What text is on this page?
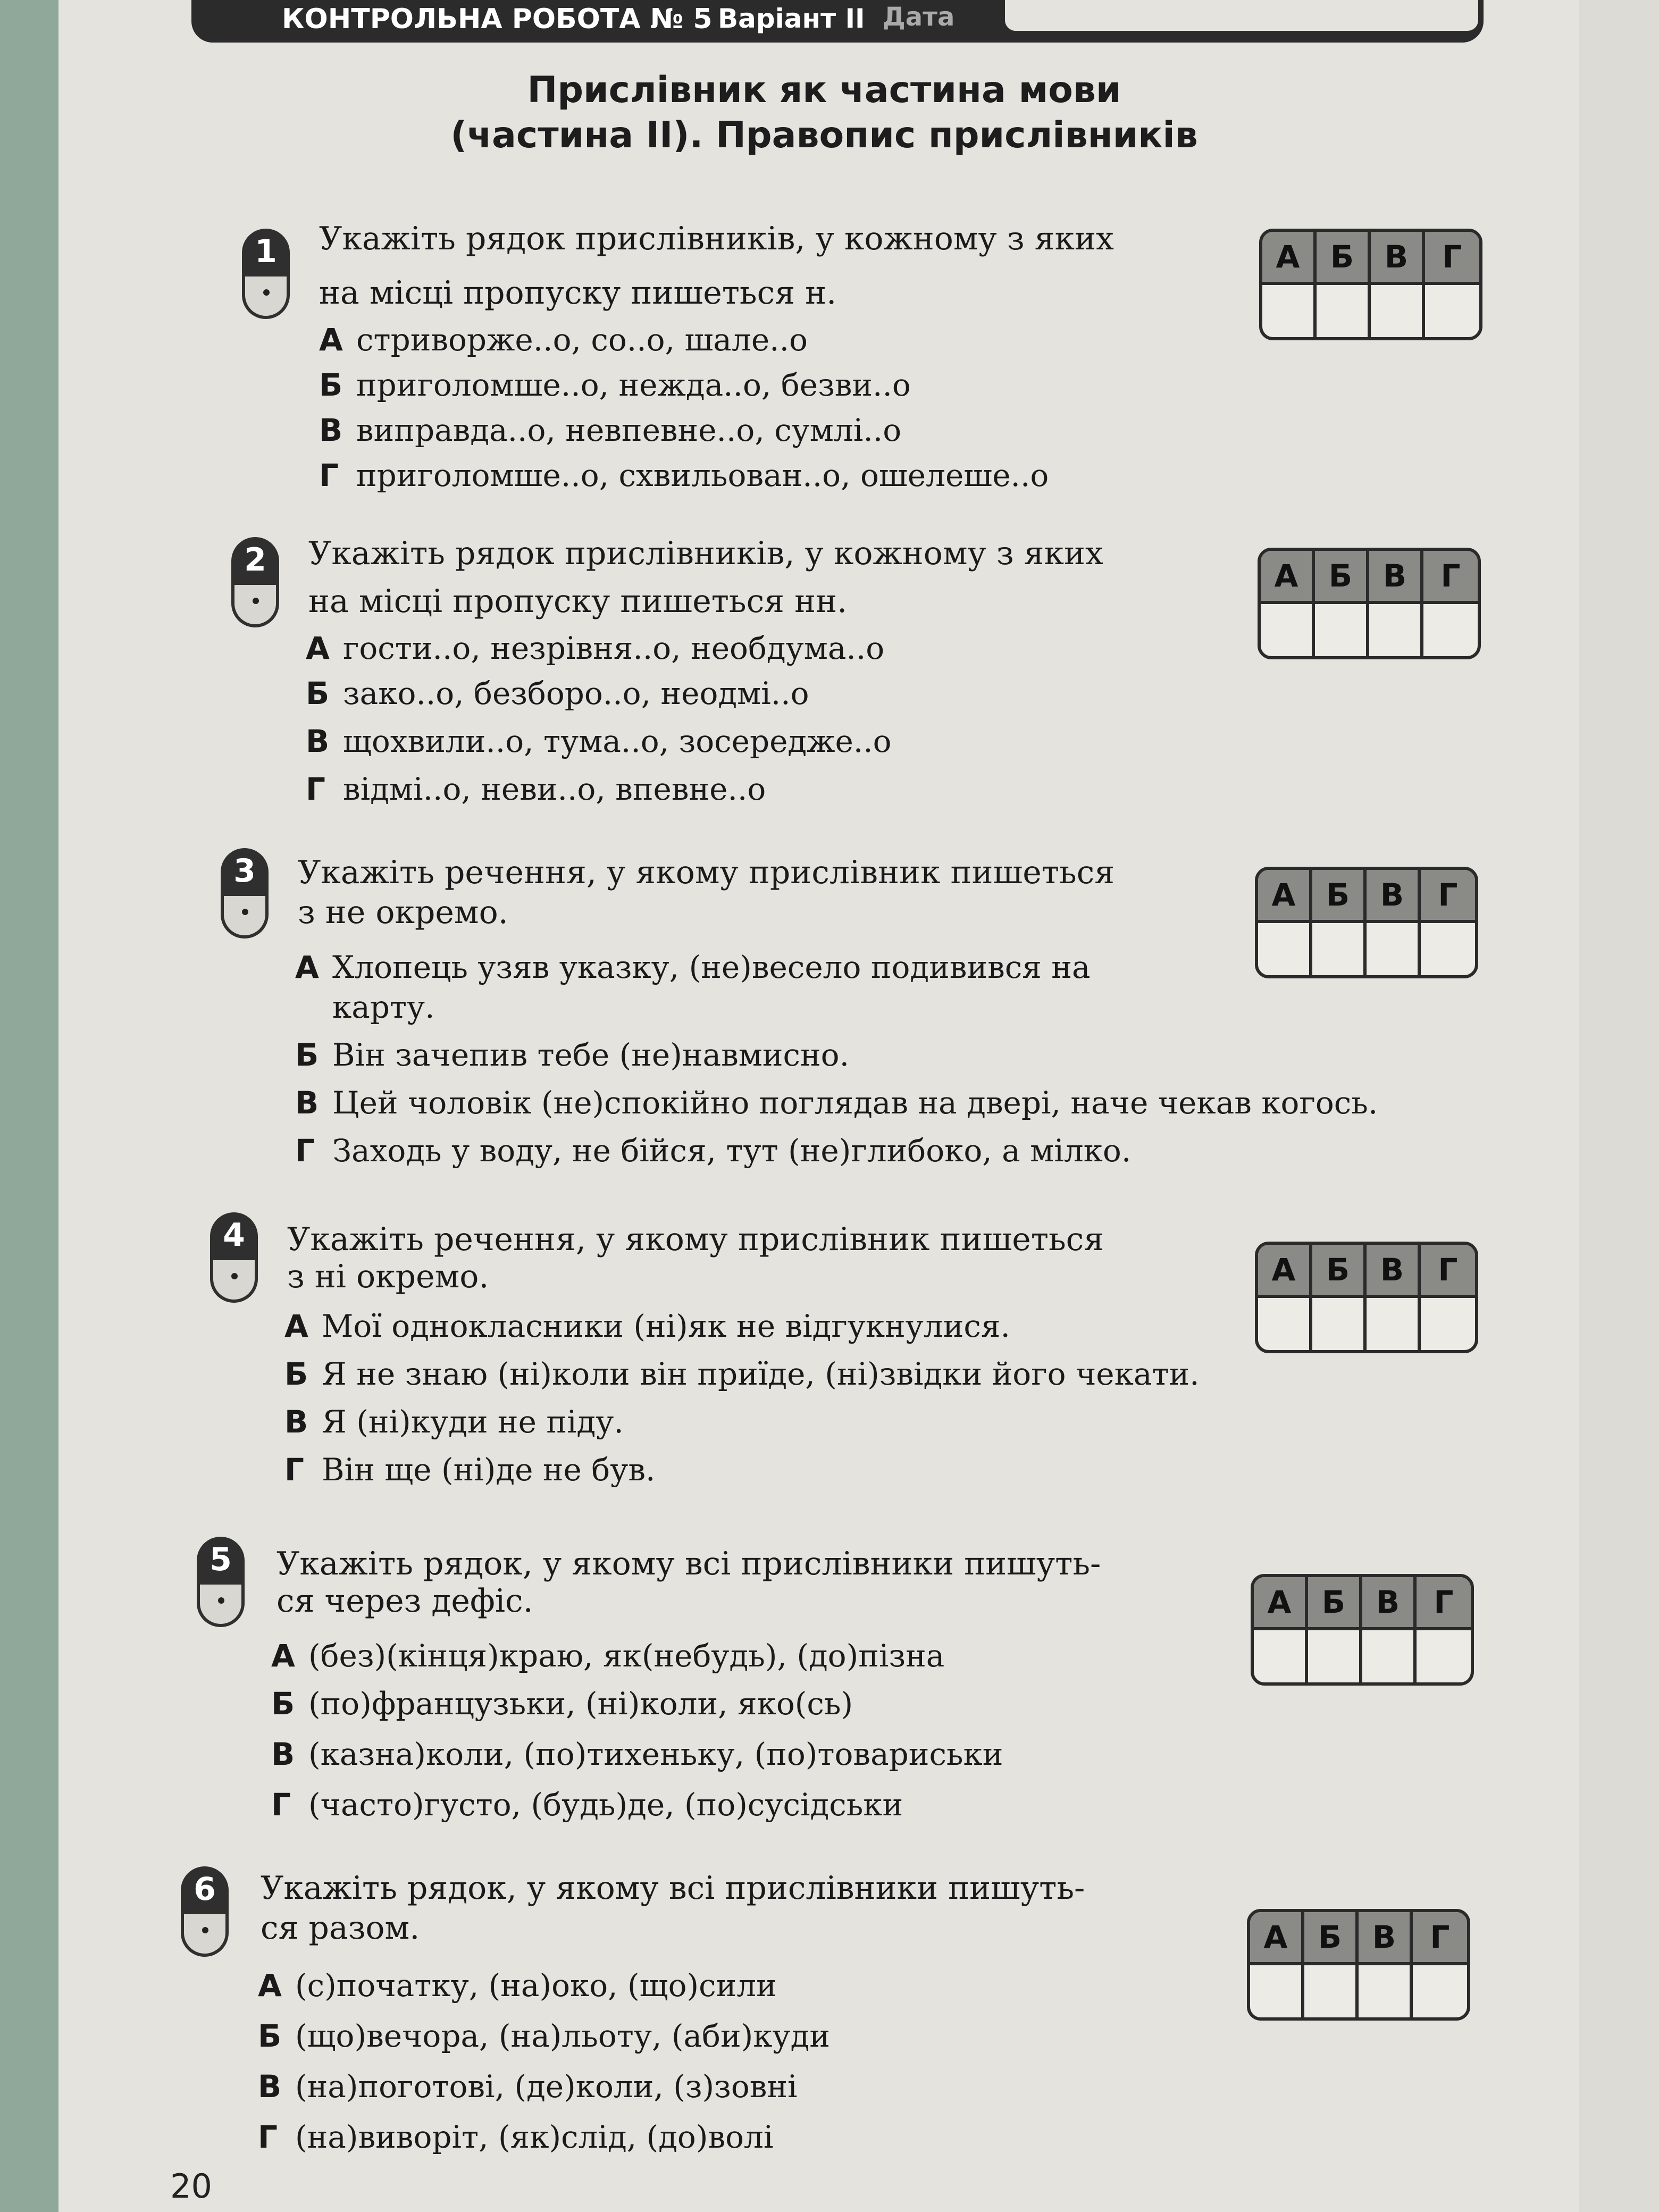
КОНТРОЛЬНА РОБОТА № 5 Варіант ІІ Дата
Прислівник як частина мови
(частина ІІ). Правопис прислівників
1	Укажіть рядок прислівників, у кожному з яких
на місці пропуску пишеться н.
А стриворже..о, со..о, шале..о
Б приголомше..о, нежда..о, безви..о
В виправда..о, невпевне..о, сумлі..о
Г приголомше..о, схвильован..о, ошелеше..о
А Б В	Г
2	Укажіть рядок прислівників, у кожному з яких
на місці пропуску пишеться нн.
А гости..о, незрівня..о, необдума..о
Б зако..о, безборо..о, неодмі..о
В щохвили..о, тума..о, зосередже..о
Г відмі..о, неви..о, впевне..о
А Б В	Г
3	Укажіть речення, у якому прислівник пишеться
з не окремо.
А Хлопець узяв указку, (не)весело подивився на
карту.
Б Він зачепив тебе (не)навмисно.
В Цей чоловік (не)спокійно поглядав на двері, наче чекав когось.
Г Заходь у воду, не бійся, тут (не)глибоко, а мілко.
А Б В	Г
4	Укажіть речення, у якому прислівник пишеться
з ні окремо.
А Мої однокласники (ні)як не відгукнулися.
Б Я не знаю (ні)коли він приїде, (ні)звідки його чекати.
В Я (ні)куди не піду.
Г Він ще (ні)де не був.
А Б В	Г
5	Укажіть рядок, у якому всі прислівники пишуть-
ся через дефіс.
А (без)(кінця)краю, як(небудь), (до)пізна
Б (по)французьки, (ні)коли, яко(сь)
В (казна)коли, (по)тихеньку, (по)товариськи
Г (часто)густо, (будь)де, (по)сусідськи
А Б В	Г
6	Укажіть рядок, у якому всі прислівники пишуть-
ся разом.
А (с)початку, (на)око, (що)сили
Б (що)вечора, (на)льоту, (аби)куди
В (на)поготові, (де)коли, (з)зовні
Г (на)виворіт, (як)слід, (до)волі
А Б В	Г
20
